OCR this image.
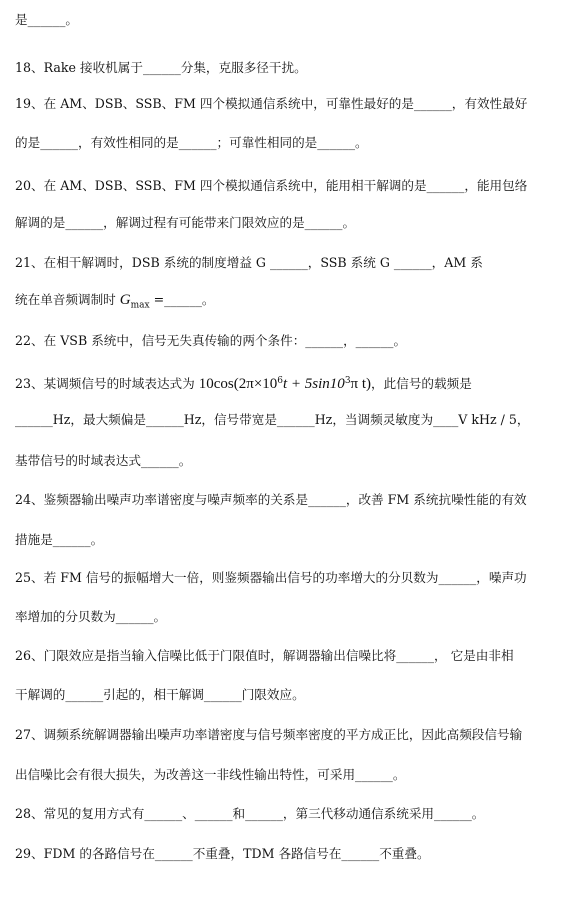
是______。
18、Rake 接收机属于______分集，克服多径干扰。
19、在 AM、DSB、SSB、FM 四个模拟通信系统中，可靠性最好的是______，有效性最好
的是______，有效性相同的是______；可靠性相同的是______。
20、在 AM、DSB、SSB、FM 四个模拟通信系统中，能用相干解调的是______，能用包络
解调的是______，解调过程有可能带来门限效应的是______。
21、在相干解调时，DSB 系统的制度增益 G ______，SSB 系统 G ______，AM 系
统在单音频调制时 $G_{max}$ =______。
22、在 VSB 系统中，信号无失真传输的两个条件：______，______。
23、某调频信号的时域表达式为 $10\cos(2\pi\times 10^6t + 5\sin 10^3\pi$ t)，此信号的载频是
______Hz，最大频偏是______Hz，信号带宽是______Hz，当调频灵敏度为____V kHz / 5，
基带信号的时域表达式______。
24、鉴频器输出噪声功率谱密度与噪声频率的关系是______，改善 FM 系统抗噪性能的有效
措施是______。
25、若 FM 信号的振幅增大一倍，则鉴频器输出信号的功率增大的分贝数为______，噪声功
率增加的分贝数为______。
26、门限效应是指当输入信噪比低于门限值时，解调器输出信噪比将______， 它是由非相
干解调的______引起的，相干解调______门限效应。
27、调频系统解调器输出噪声功率谱密度与信号频率密度的平方成正比，因此高频段信号输
出信噪比会有很大损失，为改善这一非线性输出特性，可采用______。
28、常见的复用方式有______、______和______，第三代移动通信系统采用______。
29、FDM 的各路信号在______不重叠，TDM 各路信号在______不重叠。
